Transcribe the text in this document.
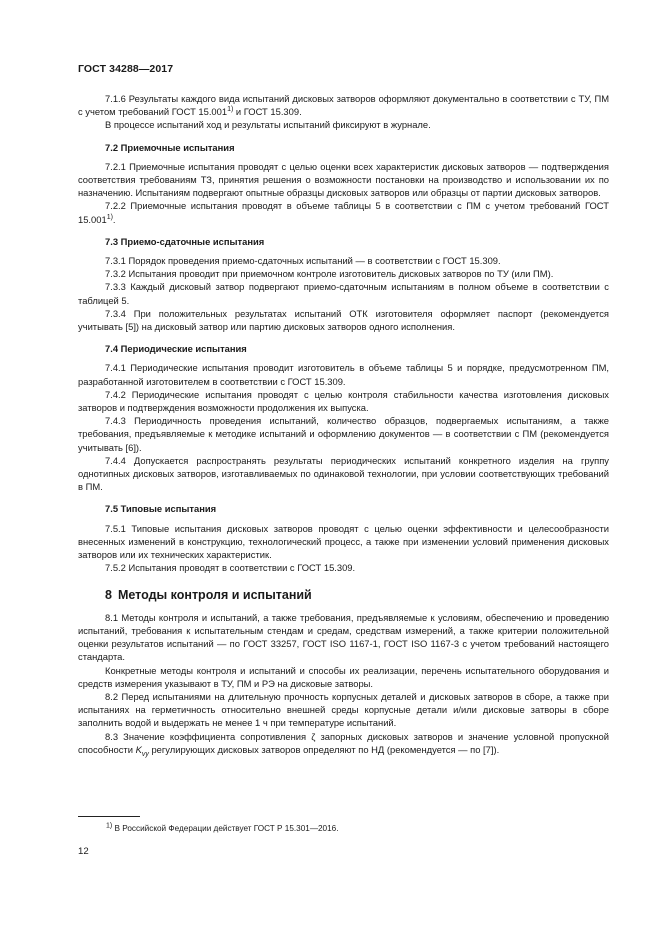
ГОСТ 34288—2017

7.1.6 Результаты каждого вида испытаний дисковых затворов оформляют документально в соответствии с ТУ, ПМ с учетом требований ГОСТ 15.001$^{1)}$ и ГОСТ 15.309.

В процессе испытаний ход и результаты испытаний фиксируют в журнале.

7.2 Приемочные испытания

7.2.1 Приемочные испытания проводят с целью оценки всех характеристик дисковых затворов — подтверждения соответствия требованиям ТЗ, принятия решения о возможности постановки на производство и использовании их по назначению. Испытаниям подвергают опытные образцы дисковых затворов или образцы от партии дисковых затворов.

7.2.2 Приемочные испытания проводят в объеме таблицы 5 в соответствии с ПМ с учетом требований ГОСТ 15.001$^{1)}$.

7.3 Приемо-сдаточные испытания

7.3.1 Порядок проведения приемо-сдаточных испытаний — в соответствии с ГОСТ 15.309.

7.3.2 Испытания проводит при приемочном контроле изготовитель дисковых затворов по ТУ (или ПМ).

7.3.3 Каждый дисковый затвор подвергают приемо-сдаточным испытаниям в полном объеме в соответствии с таблицей 5.

7.3.4 При положительных результатах испытаний ОТК изготовителя оформляет паспорт (рекомендуется учитывать [5]) на дисковый затвор или партию дисковых затворов одного исполнения.

7.4 Периодические испытания

7.4.1 Периодические испытания проводит изготовитель в объеме таблицы 5 и порядке, предусмотренном ПМ, разработанной изготовителем в соответствии с ГОСТ 15.309.

7.4.2 Периодические испытания проводят с целью контроля стабильности качества изготовления дисковых затворов и подтверждения возможности продолжения их выпуска.

7.4.3 Периодичность проведения испытаний, количество образцов, подвергаемых испытаниям, а также требования, предъявляемые к методике испытаний и оформлению документов — в соответствии с ПМ (рекомендуется учитывать [6]).

7.4.4 Допускается распространять результаты периодических испытаний конкретного изделия на группу однотипных дисковых затворов, изготавливаемых по одинаковой технологии, при условии соответствующих требований в ПМ.

7.5 Типовые испытания

7.5.1 Типовые испытания дисковых затворов проводят с целью оценки эффективности и целесообразности внесенных изменений в конструкцию, технологический процесс, а также при изменении условий применения дисковых затворов или их технических характеристик.

7.5.2 Испытания проводят в соответствии с ГОСТ 15.309.

8 Методы контроля и испытаний

8.1 Методы контроля и испытаний, а также требования, предъявляемые к условиям, обеспечению и проведению испытаний, требования к испытательным стендам и средам, средствам измерений, а также критерии положительной оценки результатов испытаний — по ГОСТ 33257, ГОСТ ISO 1167-1, ГОСТ ISO 1167-3 с учетом требований настоящего стандарта.

Конкретные методы контроля и испытаний и способы их реализации, перечень испытательного оборудования и средств измерения указывают в ТУ, ПМ и РЭ на дисковые затворы.

8.2 Перед испытаниями на длительную прочность корпусных деталей и дисковых затворов в сборе, а также при испытаниях на герметичность относительно внешней среды корпусные детали и/или дисковые затворы в сборе заполнить водой и выдержать не менее 1 ч при температуре испытаний.

8.3 Значение коэффициента сопротивления ζ запорных дисковых затворов и значение условной пропускной способности $K_{vy}$ регулирующих дисковых затворов определяют по НД (рекомендуется — по [7]).

1) В Российской Федерации действует ГОСТ Р 15.301—2016.
12
